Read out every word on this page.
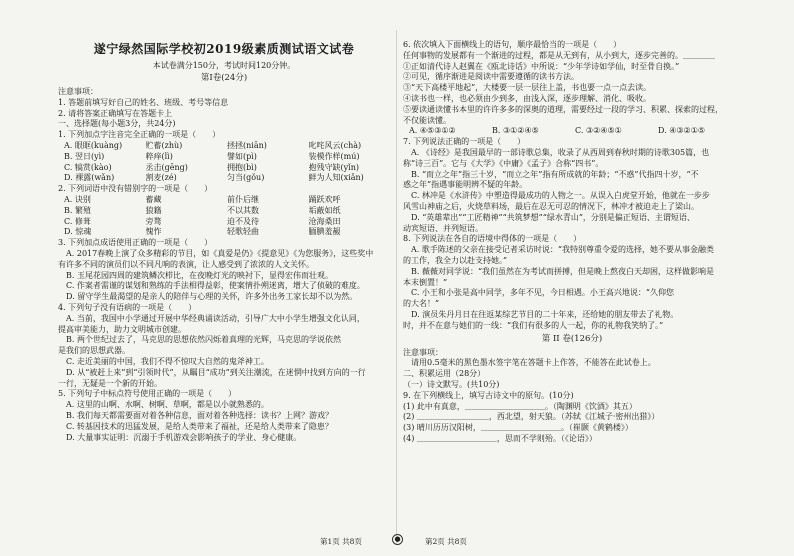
遂宁绿然国际学校初2019级素质测试语文试卷

本试卷满分150分，考试时间120分钟。

第Ⅰ卷(24分)

注意事项：

1. 答题前填写好自己的姓名、班级、考号等信息

2. 请将答案正确填写在答题卡上

一、选择题(每小题3分，共24分)

1. 下列加点字注音完全正确的一项是（　　）

A. 眼眶(kuàng)	贮蓄(zhù)	拯拯(niān)	叱咤风云(chà)
B. 翌日(yì)	粹痒(lì)	譬如(pì)	装模作样(mú)
C. 犒赏(kào)	丞击(gēng)	拥抱(bì)	抱残守缺(yǐn)
D. 裸露(wǎn)	割麦(zé)	匀当(gǒu)	鲜为人知(xiǎn)

2. 下列词语中没有错别字的一项是（　　）

A. 诀别	蓄藏	前仆后继	踊跃欢呼
B. 繁殖	狼籍	不以其数	垢蔽如纸
C. 修葺	旁骛	迫不及待	沧海桑田
D. 惊魂	愧怍	轻歌轻曲	腼腆羞赧

3. 下列加点成语使用正确的一项是（　　）

A. 2017春晚上演了众多精彩的节目，如《真爱是仍》《提意见》《为您服务》，这些奖中

有许多不同的演员们以不同凡响的表演，让人感受到了浓浓的人文关怀。

B. 玉尾花园四周的建筑鳞次栉比，在夜晚灯光的映衬下，显得宏伟而壮观。

C. 作案者需谨的谋划和熟练的手法相得益彰，使案情扑朔迷离，增大了侦破的难度。

D. 留守学生最渴望的是亲人的陪伴与心理的关怀，许多外出务工家长却不以为然。

4. 下列句子没有语病的一项是（　　）

A. 当前，我国中小学通过开展中华经典诵读活动，引导广大中小学生增强文化认同，

提高审美能力，助力文明城市创建。

B. 两个世纪过去了，马克思的思想依然闪烁着真理的光辉，马克思的学说依然

是我们的思想武器。

C. 走近美丽的中国，我们不得不惊叹大自然的鬼斧神工。

D. 从“被赶上来”到“引领时代”，从瞩目“成功”到关注潮流，在迷惘中找到方向的一行

一行，无疑是一个新的开始。

5. 下列句子中标点符号使用正确的一项是（　　）

A. 这里的山啊、水啊、树啊、草啊，都是以小就熟悉的。

B. 我们每天都需要面对着各种信息，面对着各种选择：读书？上网？游戏？

C. 转基因技术的迅猛发展，是给人类带来了福祉，还是给人类带来了隐患？

D. 大量事实证明：沉溺于手机游戏会影响孩子的学业、身心健康。

6. 依次填入下面横线上的语句，顺序最恰当的一项是（　　）

任何事物的发展都有一个渐进的过程，都是从无到有，从小到大，逐步完善的。＿＿＿＿

①正如清代诗人赵翼在《瓯北诗话》中所说：“少年学诗如学仙，时至骨自换。”

②可见，循序渐进是阅读中需要遵循的读书方法。

③“天下高楼平地起”，大楼要一层一层往上盖，书也要一点一点去读。

④读书也一样，也必须由少到多，由浅入深，逐步理解、消化、吸收。

⑤要读通读懂书本里的许许多多的深奥的道理，需要经过一段的学习、积累、探索的过程，

不仅能读懂。

A. ④⑤③①②	B. ③①②④⑤	C. ③②④⑤①	D. ④③②①⑤

7. 下列说法正确的一项是（　　）

A. 《诗经》是我国最早的一部诗歌总集，收录了从西周到春秋时期的诗歌305篇，也

称“诗三百”。它与《大学》《中庸》《孟子》合称“四书”。

B. “而立之年”指三十岁，“而立之年”指有所成就的年龄；“不惑”代指四十岁，“不

惑之年”指遇事能明辨不疑的年龄。

C. 林冲是《水浒传》中塑造得最成功的人物之一。从误入白虎堂开始，他就在一步步

风雪山神庙之后，火烧草料场，最后在忍无可忍的情况下，林冲才被迫走上了梁山。

D. “英雄辈出”“工匠精神”“共筑梦想”“绿水青山”，分别是偏正短语、主谓短语、

动宾短语、并列短语。

8. 下列说法在各自的语境中得体的一项是（　　）

A. 歌手陈述的父亲在接受记者采访时说：“我特别尊重令爱的选择，她不要从事金融类

的工作，我全力以赴支持她。”

B. 薇薇对同学说：“我们虽然在为考试而拼搏，但是晚上熬夜白天却困，这样做影响是

本末倒置！”

C. 小王和小张是高中同学，多年不见，今日相遇。小王高兴地说：“久仰您

的大名！”

D. 演员朱丹月日在往返某综艺节目的二十年来，还给她的朋友带去了礼物。

时，并不在意与她们的一线：“我们有很多的人一起，你的礼物我笑纳了。”

第 II 卷(126分)

注意事项：

请用0.5毫米的黑色墨水签字笔在答题卡上作答，不能答在此试卷上。

二、积累运用（28分）

（一）诗文默写。(共10分)

9. 在下列横线上，填写古诗文中的原句。(10分)

(1) 此中有真意，＿＿＿＿＿＿＿＿＿＿。（陶渊明《饮酒》其五）

(2) ＿＿＿＿＿＿＿＿＿，西北望，射天狼。（苏轼《江城子·密州出猎》）

(3) 晴川历历汉阳树，＿＿＿＿＿＿＿＿＿＿。（崔颢《黄鹤楼》）

(4) ＿＿＿＿＿＿＿＿＿＿，思而不学则殆。（《论语》）

第1页 共8页	●	第2页 共8页
